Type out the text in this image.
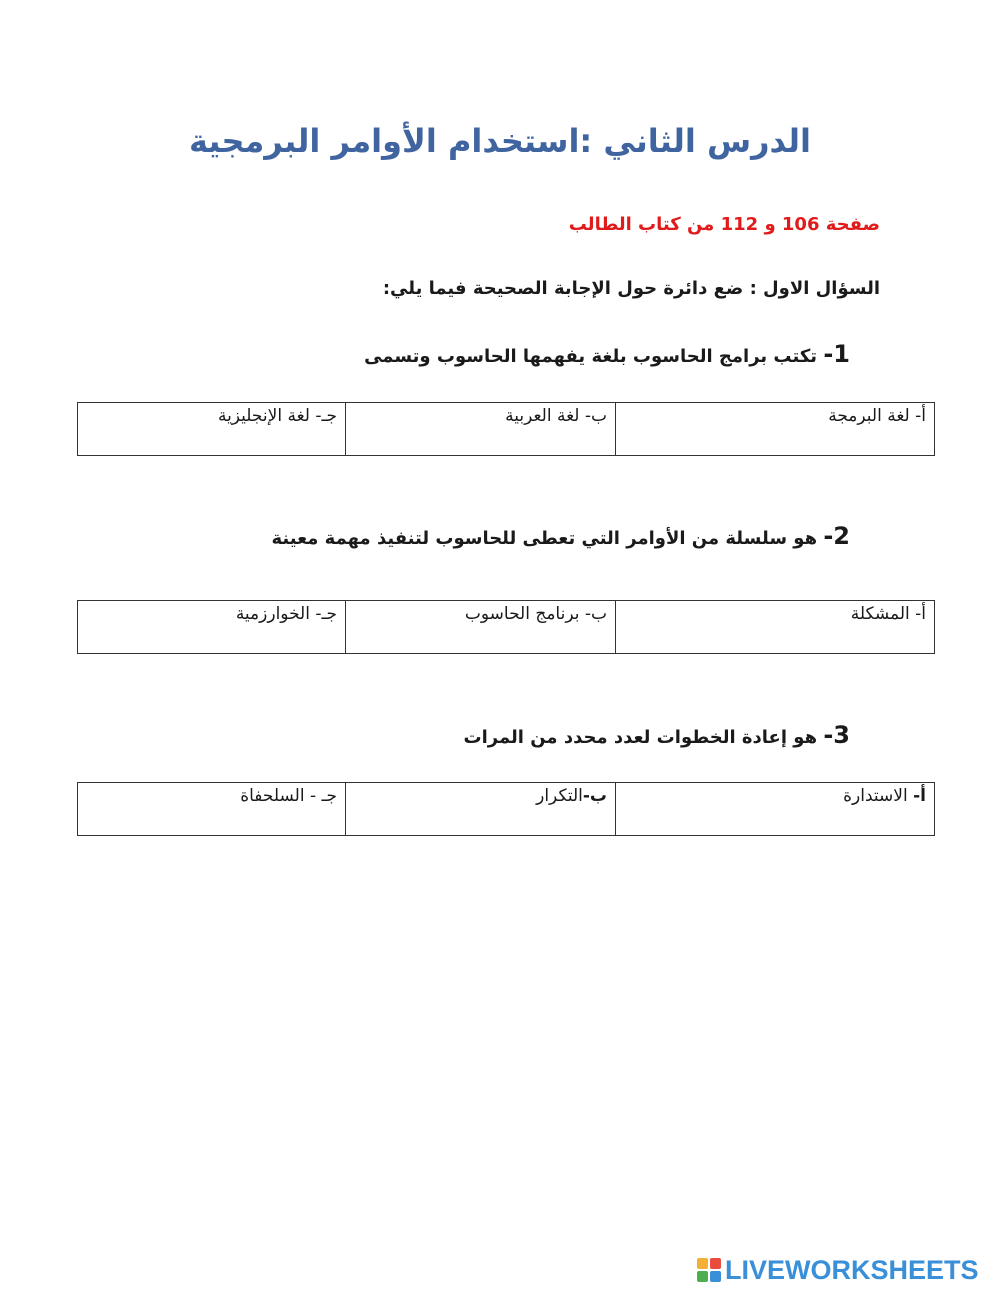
الدرس الثاني :استخدام الأوامر البرمجية

صفحة 106 و 112 من كتاب الطالب

السؤال الاول : ضع دائرة حول الإجابة الصحيحة فيما يلي:

1- تكتب برامج الحاسوب بلغة يفهمها الحاسوب وتسمى

أ- لغة البرمجة	ب- لغة العربية	جـ- لغة الإنجليزية

2- هو سلسلة من الأوامر التي تعطى للحاسوب لتنفيذ مهمة معينة

أ- المشكلة	ب- برنامج الحاسوب	جـ- الخوارزمية

3- هو إعادة الخطوات لعدد محدد من المرات

أ- الاستدارة	ب-التكرار	جـ - السلحفاة
LIVEWORKSHEETS
